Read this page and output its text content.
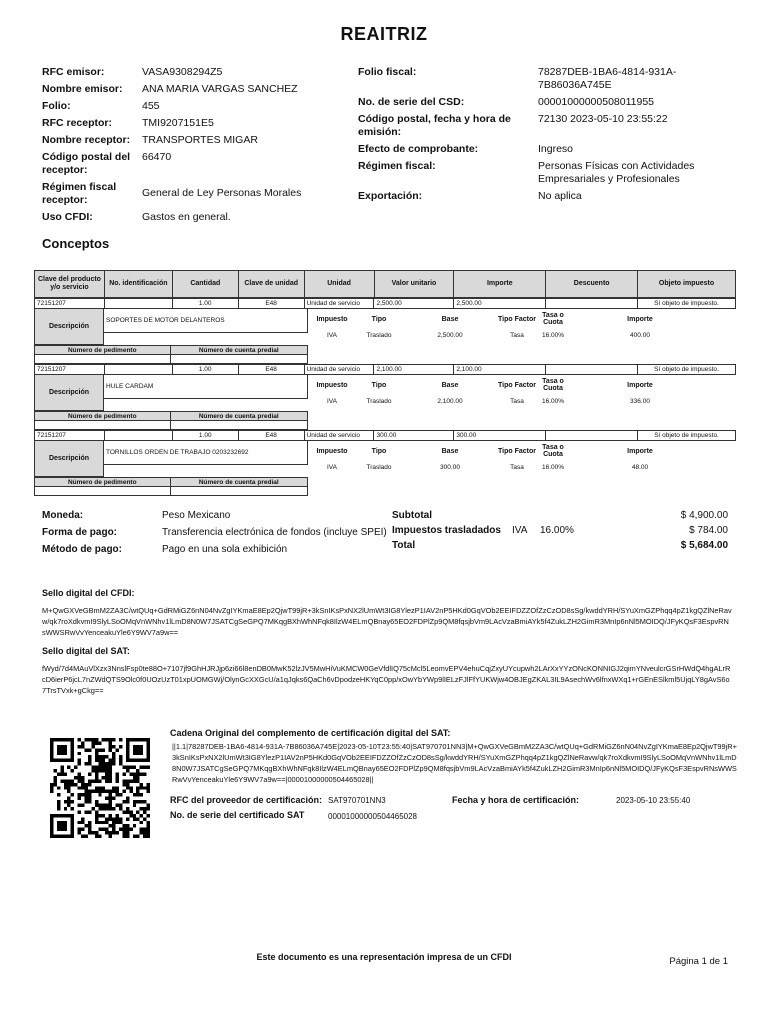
REAITRIZ
RFC emisor:	VASA9308294Z5
Nombre emisor:	ANA MARIA VARGAS SANCHEZ
Folio:	455
RFC receptor:	TMI9207151E5
Nombre receptor:	TRANSPORTES MIGAR
Código postal del receptor:
66470
Régimen fiscal receptor:
General de Ley Personas Morales
Uso CFDI:	Gastos en general.
Folio fiscal:	78287DEB-1BA6-4814-931A-7B86036A745E
No. de serie del CSD:	00001000000508011955
Código postal, fecha y hora de emisión:
72130 2023-05-10 23:55:22
Efecto de comprobante:	Ingreso
Régimen fiscal:	Personas Físicas con Actividades Empresariales y Profesionales
Exportación:	No aplica
Conceptos
Clave del producto y/o servicio	No. identificación	Cantidad	Clave de unidad	Unidad	Valor unitario	Importe	Descuento	Objeto impuesto
72151207		1.00	E48	Unidad de servicio	2,500.00	2,500.00		Sí objeto de impuesto.
Descripción
SOPORTES DE MOTOR DELANTEROS	Impuesto	Tipo	Base	Tipo Factor Tasa o Cuota	Importe
IVA	Traslado	2,500.00	Tasa	16.00%	400.00
Número de pedimento	Número de cuenta predial

72151207		1.00	E48	Unidad de servicio	2,100.00	2,100.00		Sí objeto de impuesto.
Descripción
HULE CARDAM	Impuesto	Tipo	Base	Tipo Factor Tasa o Cuota	Importe
IVA	Traslado	2,100.00	Tasa	16.00%	336.00
Número de pedimento	Número de cuenta predial

72151207		1.00	E48	Unidad de servicio	300.00	300.00		Sí objeto de impuesto.
Descripción
TORNILLOS ORDEN DE TRABAJO 0203232692	Impuesto	Tipo	Base	Tipo Factor Tasa o Cuota	Importe
IVA	Traslado	300.00	Tasa	16.00%	48.00
Número de pedimento	Número de cuenta predial

Moneda:	Peso Mexicano
Forma de pago:	Transferencia electrónica de fondos (incluye SPEI)
Método de pago:	Pago en una sola exhibición
Subtotal	$ 4,900.00
Impuestos trasladados	IVA	16.00%	$ 784.00
Total	$ 5,684.00
Sello digital del CFDI:
M+QwGXVeGBmM2ZA3C/wtQUq+GdRMiGZ6nN04NvZgIYKmaE8Ep2QjwT99jR+3kSnIKsPxNX2lUmWt3IG8YlezP1IAV2nP5HKd0GqVOb2EEIFDZZOfZzCzOD8sSg/kwddYRH/SYuXmGZPhqq4pZ1kgQZlNeRavw/qk7roXdkvmI9SlyLSoOMqVnWNhv1lLmD8N0W7JSATCgSeGPQ7MKqgBXhWhNFqk8IlzW4ELmQBnay65EO2FDPlZp9QM8fqsjbVm9LAcVzaBmiAYk5f4ZukLZH2GimR3MnIp6nNl5MOIDQ/JFyKQsF3EspvRNsWWSRwVvYenceakuYle6Y9WV7a9w==
Sello digital del SAT:
fWyd/7d4MAuVlXzx3NnslFsp0te88O+7107jf9GhHJRJjp6zi66l8enDB0MwK52lzJV5MwHiVuKMCW0GeVfdlIQ75cMcl5LeomvEPV4ehuCqjZxyUYcupwh2LArXxYYzONcKONNIGJ2qimYNveulcrGSrHWdQ4hgALrRcD6ierP6jcL7nZWdQTS9Olc0f0UOzUzT01xpUOMGWj/OlynGcXXGcU/a1qJqks6QaCh6vDpodzeHKYqC0pp/xOwYbYWp9lIELzFJlFfYUKWjw4OBJEgZKAL3IL9AsechWv6lfnxWXq1+rGEnESlkml5UjqLY8gAvS6o7TrsTVxk+gCkg==
Cadena Original del complemento de certificación digital del SAT:
||1.1|78287DEB-1BA6-4814-931A-7B86036A745E|2023-05-10T23:55:40|SAT970701NN3|M+QwGXVeGBmM2ZA3C/wtQUq+GdRMiGZ6nN04NvZgIYKmaE8Ep2QjwT99jR+3kSnIKsPxNX2lUmWt3IG8YlezP1IAV2nP5HKd0GqVOb2EEIFDZZOfZzCzOD8sSg/kwddYRH/SYuXmGZPhqq4pZ1kgQZlNeRavw/qk7roXdkvmI9SlyLSoOMqVnWNhv1lLmD8N0W7JSATCgSeGPQ7MKqgBXhWhNFqk8IlzW4ELmQBnay65EO2FDPlZp9QM8fqsjbVm9LAcVzaBmiAYk5f4ZukLZH2GimR3MnIp6nNl5MOIDQ/JFyKQsF3EspvRNsWWSRwVvYenceakuYle6Y9WV7a9w==|00001000000504465028||
RFC del proveedor de certificación: SAT970701NN3	Fecha y hora de certificación:	2023-05-10 23:55:40
No. de serie del certificado SAT	00001000000504465028
Este documento es una representación impresa de un CFDI	Página 1 de 1
